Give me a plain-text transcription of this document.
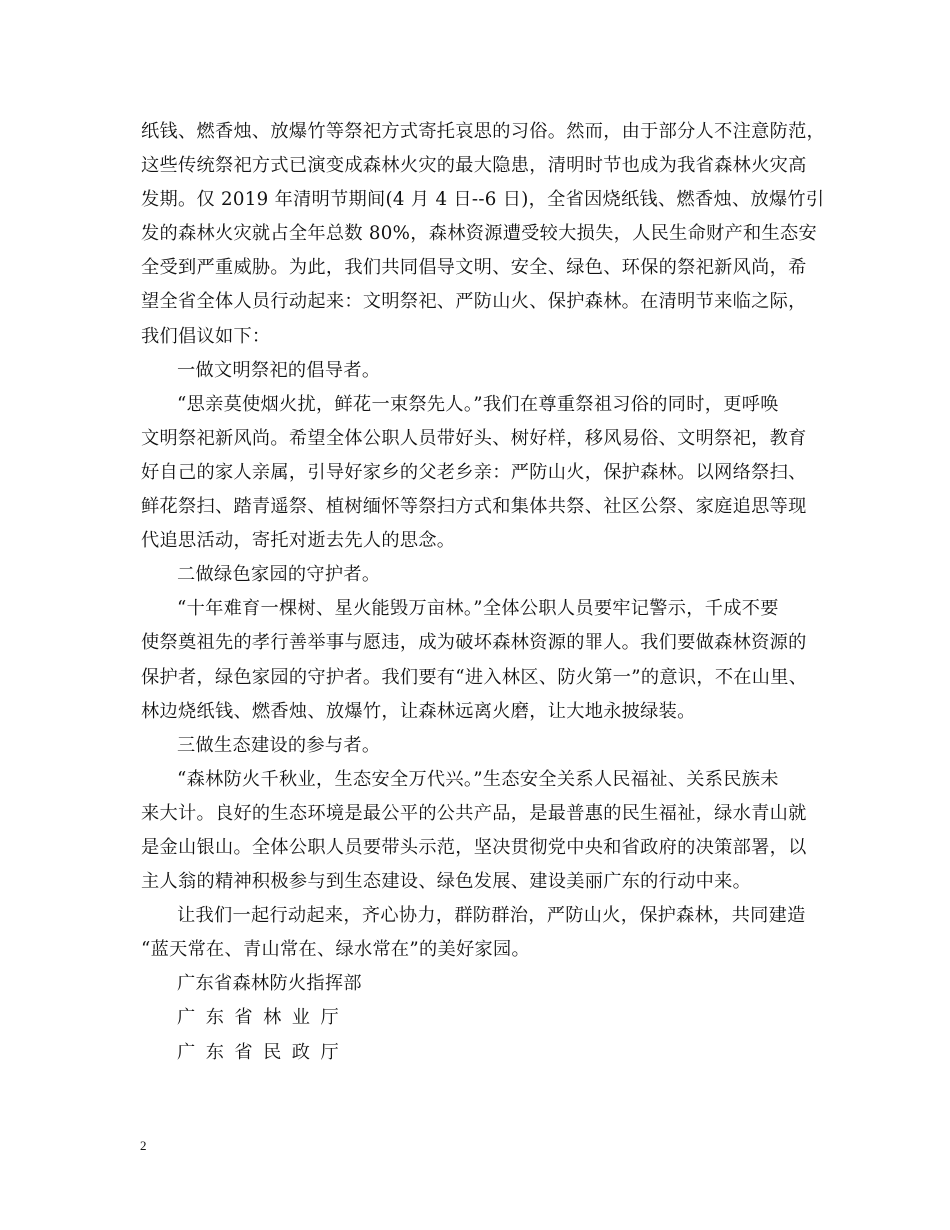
纸钱、燃香烛、放爆竹等祭祀方式寄托哀思的习俗。然而，由于部分人不注意防范，
这些传统祭祀方式已演变成森林火灾的最大隐患，清明时节也成为我省森林火灾高
发期。仅 2019 年清明节期间(4 月 4 日--6 日)，全省因烧纸钱、燃香烛、放爆竹引
发的森林火灾就占全年总数 80%，森林资源遭受较大损失，人民生命财产和生态安
全受到严重威胁。为此，我们共同倡导文明、安全、绿色、环保的祭祀新风尚，希
望全省全体人员行动起来：文明祭祀、严防山火、保护森林。在清明节来临之际，
我们倡议如下：
一做文明祭祀的倡导者。
“思亲莫使烟火扰，鲜花一束祭先人。”我们在尊重祭祖习俗的同时，更呼唤
文明祭祀新风尚。希望全体公职人员带好头、树好样，移风易俗、文明祭祀，教育
好自己的家人亲属，引导好家乡的父老乡亲：严防山火，保护森林。以网络祭扫、
鲜花祭扫、踏青遥祭、植树缅怀等祭扫方式和集体共祭、社区公祭、家庭追思等现
代追思活动，寄托对逝去先人的思念。
二做绿色家园的守护者。
“十年难育一棵树、星火能毁万亩林。”全体公职人员要牢记警示，千成不要
使祭奠祖先的孝行善举事与愿违，成为破坏森林资源的罪人。我们要做森林资源的
保护者，绿色家园的守护者。我们要有“进入林区、防火第一”的意识，不在山里、
林边烧纸钱、燃香烛、放爆竹，让森林远离火磨，让大地永披绿装。
三做生态建设的参与者。
“森林防火千秋业，生态安全万代兴。”生态安全关系人民福祉、关系民族未
来大计。良好的生态环境是最公平的公共产品，是最普惠的民生福祉，绿水青山就
是金山银山。全体公职人员要带头示范，坚决贯彻党中央和省政府的决策部署，以
主人翁的精神积极参与到生态建设、绿色发展、建设美丽广东的行动中来。
让我们一起行动起来，齐心协力，群防群治，严防山火，保护森林，共同建造
“蓝天常在、青山常在、绿水常在”的美好家园。
广东省森林防火指挥部
广东省林业厅
广东省民政厅
2
